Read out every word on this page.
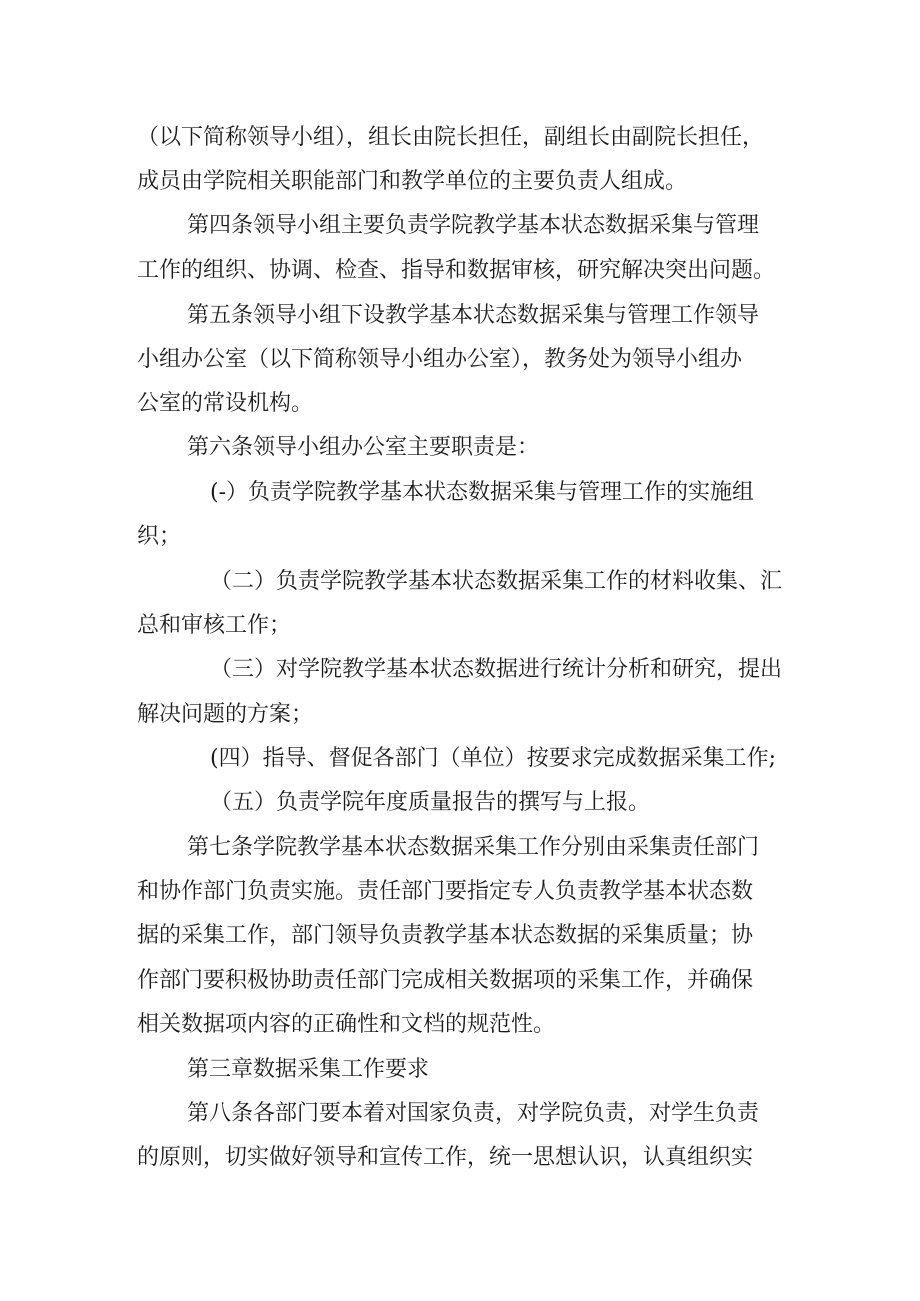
（以下简称领导小组），组长由院长担任，副组长由副院长担任，
成员由学院相关职能部门和教学单位的主要负责人组成。
第四条领导小组主要负责学院教学基本状态数据采集与管理
工作的组织、协调、检查、指导和数据审核，研究解决突出问题。
第五条领导小组下设教学基本状态数据采集与管理工作领导
小组办公室（以下简称领导小组办公室），教务处为领导小组办
公室的常设机构。
第六条领导小组办公室主要职责是：
(-）负责学院教学基本状态数据采集与管理工作的实施组
织；
（二）负责学院教学基本状态数据采集工作的材料收集、汇
总和审核工作；
（三）对学院教学基本状态数据进行统计分析和研究，提出
解决问题的方案；
(四）指导、督促各部门（单位）按要求完成数据采集工作;
（五）负责学院年度质量报告的撰写与上报。
第七条学院教学基本状态数据采集工作分别由采集责任部门
和协作部门负责实施。责任部门要指定专人负责教学基本状态数
据的采集工作，部门领导负责教学基本状态数据的采集质量；协
作部门要积极协助责任部门完成相关数据项的采集工作，并确保
相关数据项内容的正确性和文档的规范性。
第三章数据采集工作要求
第八条各部门要本着对国家负责，对学院负责，对学生负责
的原则，切实做好领导和宣传工作，统一思想认识，认真组织实
